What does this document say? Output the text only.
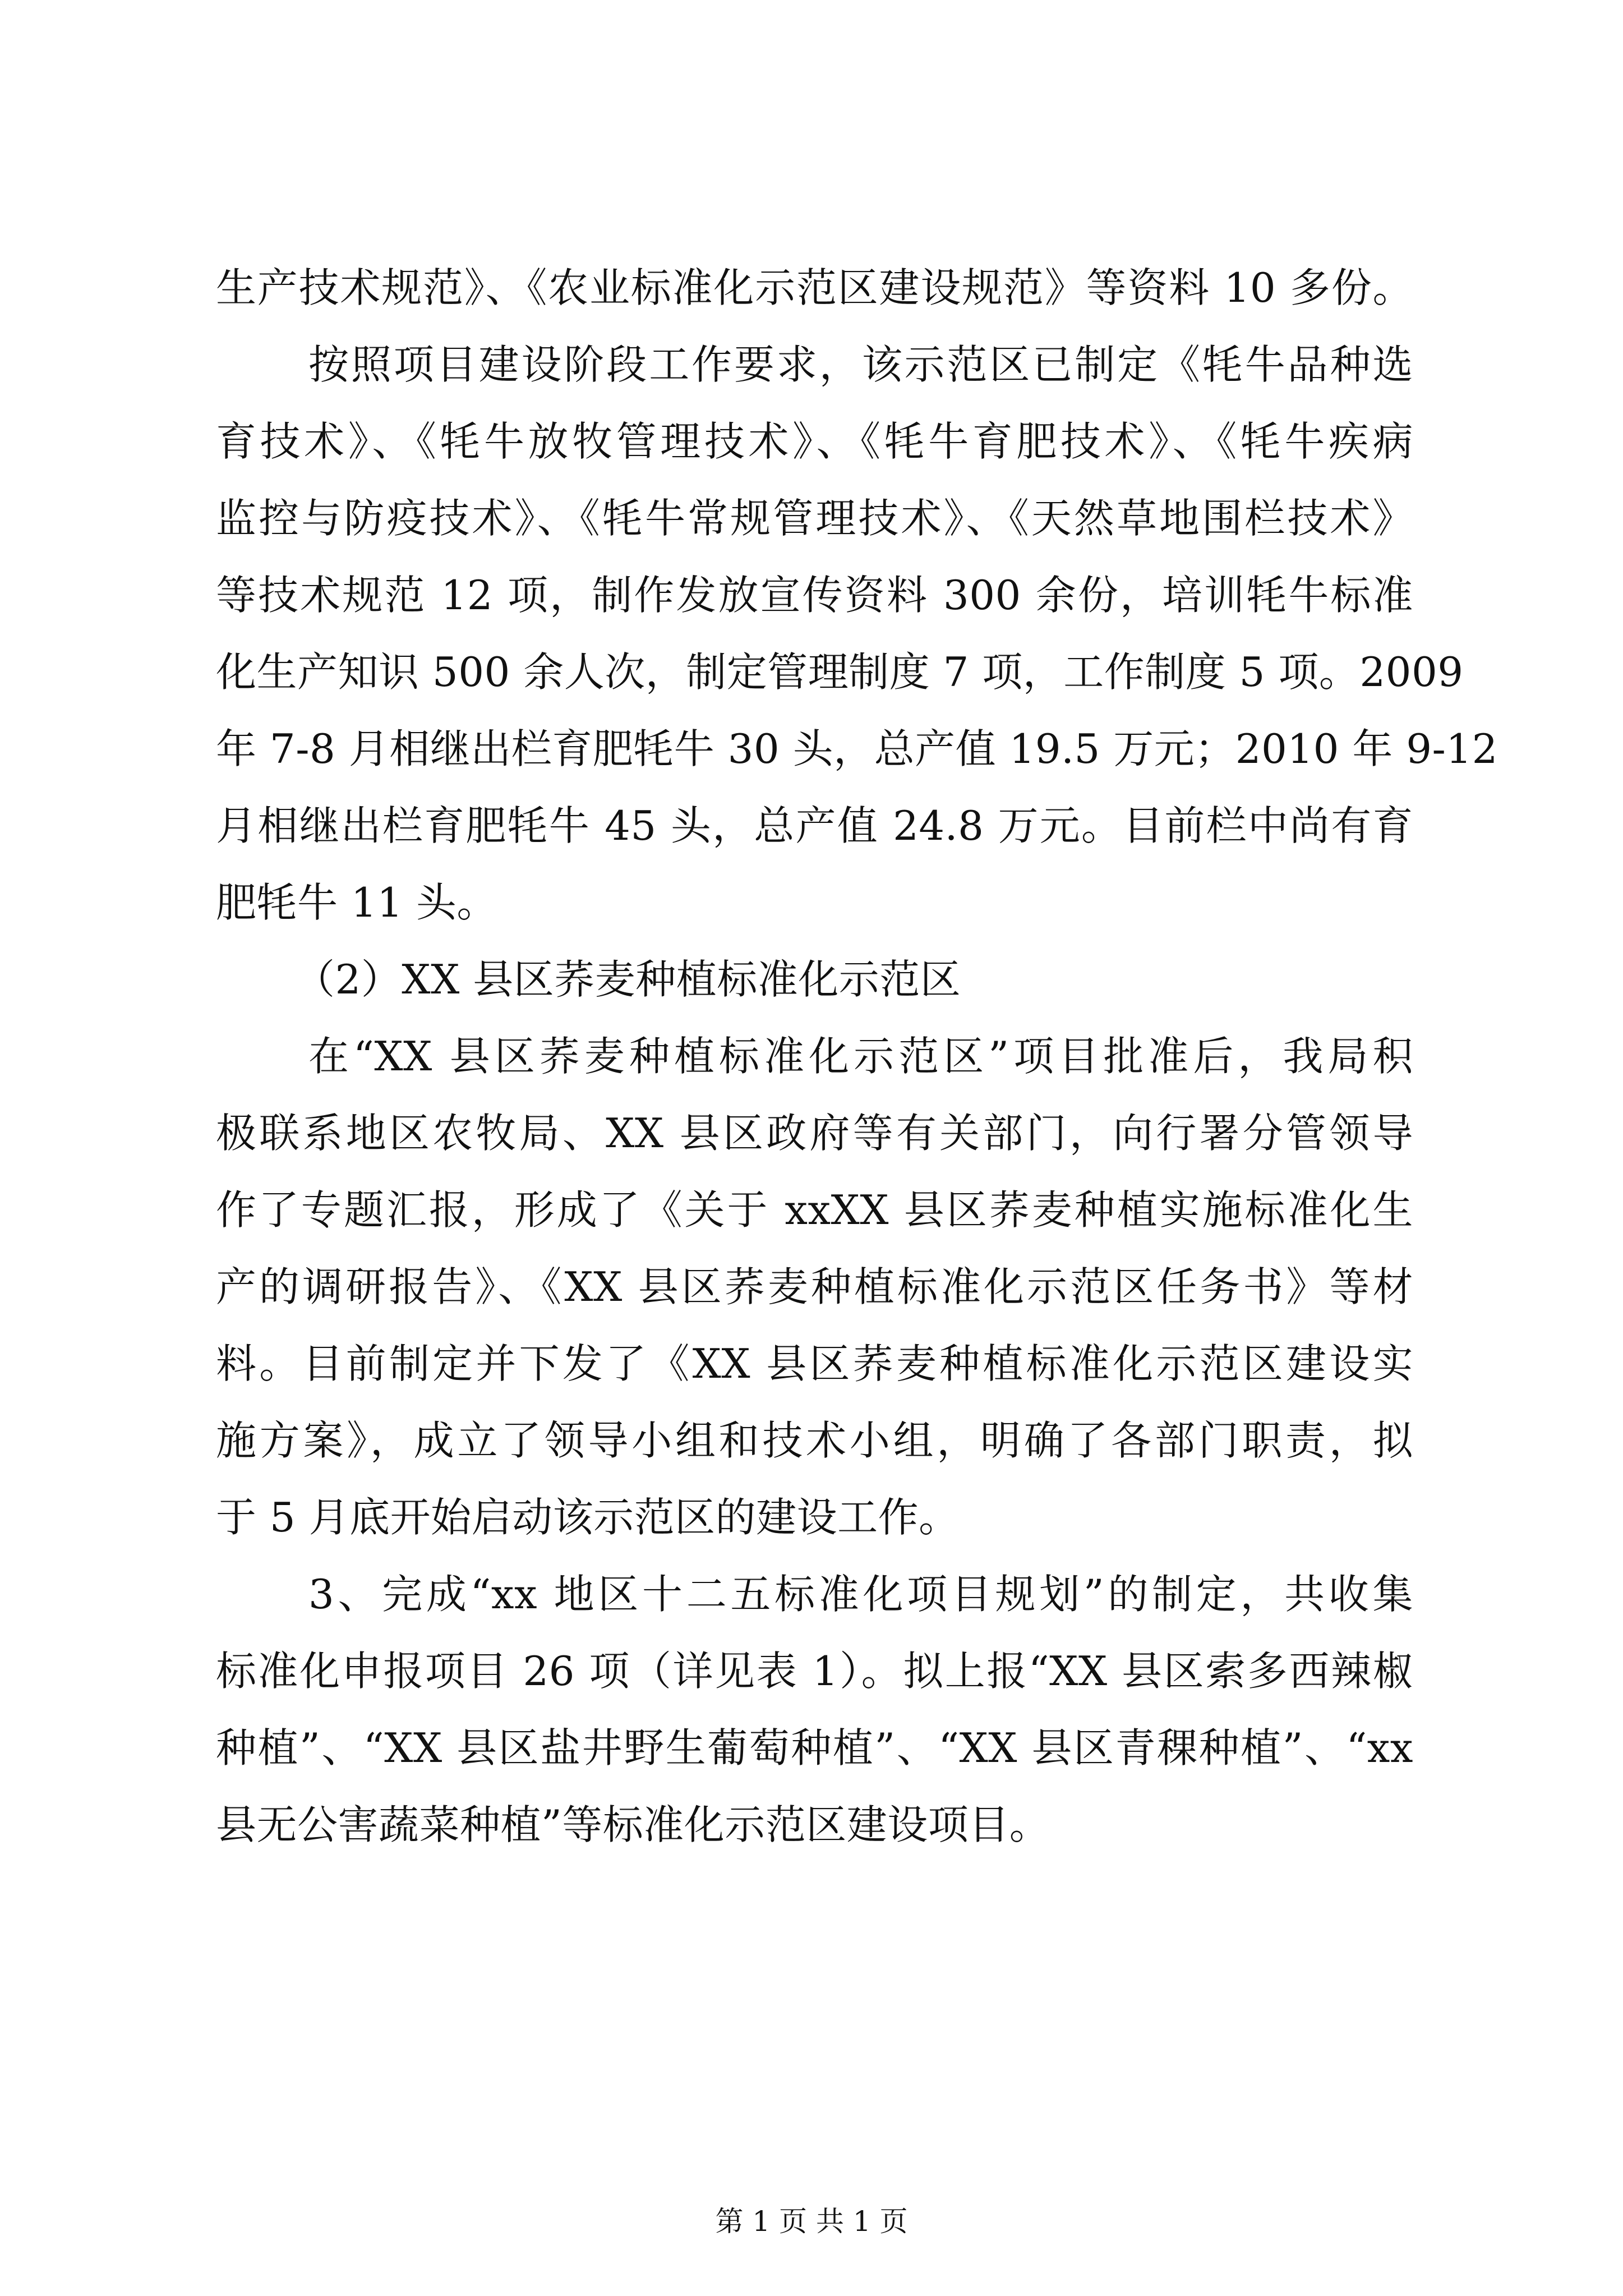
生产技术规范》、《农业标准化示范区建设规范》等资料 10 多份。
按照项目建设阶段工作要求，该示范区已制定《牦牛品种选
育技术》、《牦牛放牧管理技术》、《牦牛育肥技术》、《牦牛疾病
监控与防疫技术》、《牦牛常规管理技术》、《天然草地围栏技术》
等技术规范 12 项，制作发放宣传资料 300 余份，培训牦牛标准
化生产知识 500 余人次，制定管理制度 7 项，工作制度 5 项。2009
年 7-8 月相继出栏育肥牦牛 30 头，总产值 19.5 万元；2010 年 9-12
月相继出栏育肥牦牛 45 头，总产值 24.8 万元。目前栏中尚有育
肥牦牛 11 头。
（2）XX 县区荞麦种植标准化示范区
在“XX 县区荞麦种植标准化示范区”项目批准后，我局积
极联系地区农牧局、XX 县区政府等有关部门，向行署分管领导
作了专题汇报，形成了《关于 xxXX 县区荞麦种植实施标准化生
产的调研报告》、《XX 县区荞麦种植标准化示范区任务书》等材
料。目前制定并下发了《XX 县区荞麦种植标准化示范区建设实
施方案》，成立了领导小组和技术小组，明确了各部门职责，拟
于 5 月底开始启动该示范区的建设工作。
3、完成“xx 地区十二五标准化项目规划”的制定，共收集
标准化申报项目 26 项（详见表 1）。拟上报“XX 县区索多西辣椒
种植”、“XX 县区盐井野生葡萄种植”、“XX 县区青稞种植”、“xx
县无公害蔬菜种植”等标准化示范区建设项目。
第 1 页 共 1 页
